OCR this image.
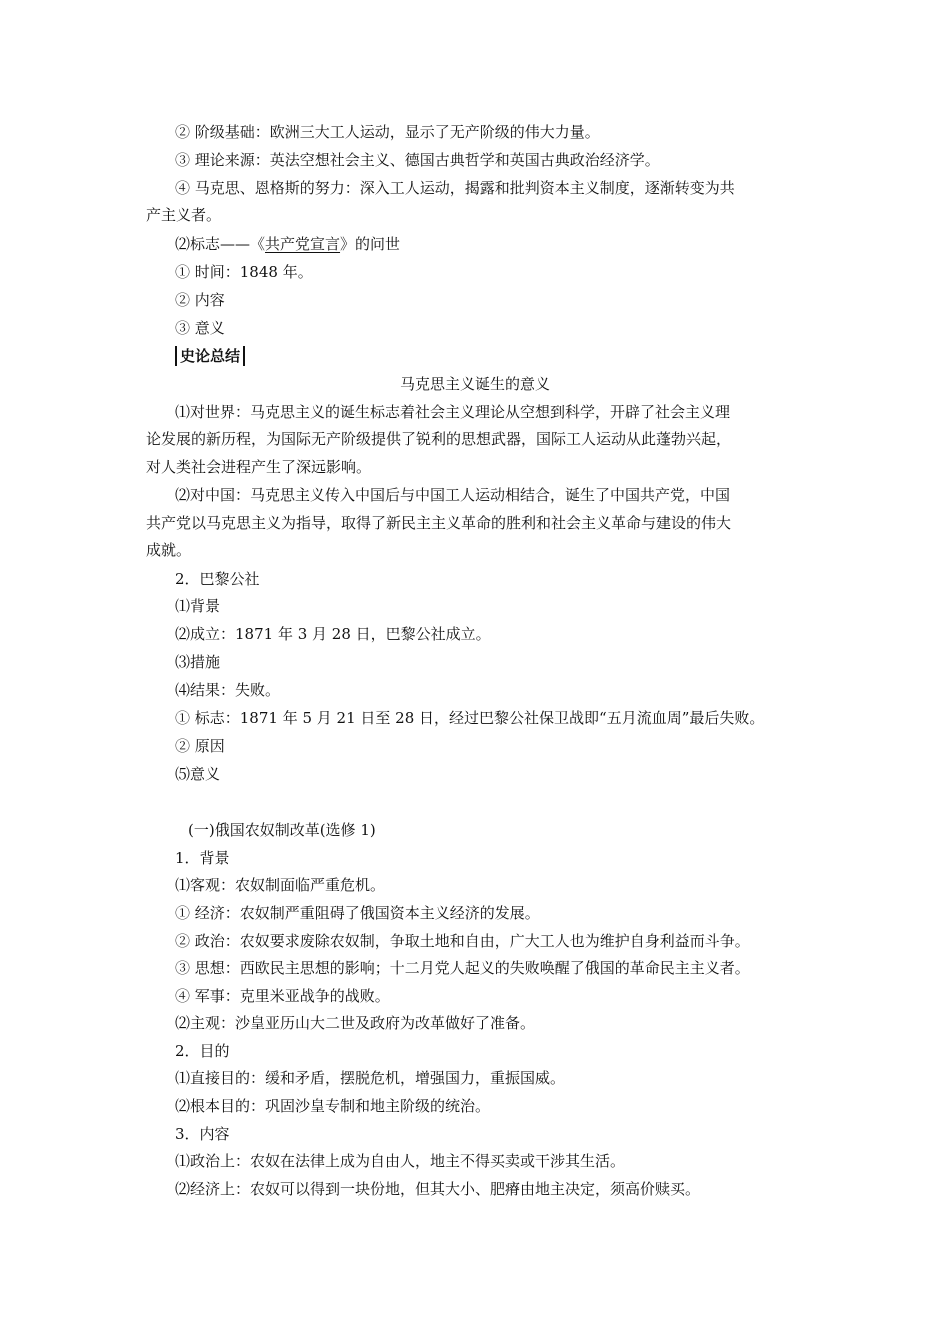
② 阶级基础：欧洲三大工人运动，显示了无产阶级的伟大力量。
③ 理论来源：英法空想社会主义、德国古典哲学和英国古典政治经济学。
④ 马克思、恩格斯的努力：深入工人运动，揭露和批判资本主义制度，逐渐转变为共
产主义者。
⑵标志——《共产党宣言》的问世
① 时间：1848 年。
② 内容
③ 意义
史论总结
马克思主义诞生的意义
⑴对世界：马克思主义的诞生标志着社会主义理论从空想到科学，开辟了社会主义理
论发展的新历程，为国际无产阶级提供了锐利的思想武器，国际工人运动从此蓬勃兴起，
对人类社会进程产生了深远影响。
⑵对中国：马克思主义传入中国后与中国工人运动相结合，诞生了中国共产党，中国
共产党以马克思主义为指导，取得了新民主主义革命的胜利和社会主义革命与建设的伟大
成就。
2．巴黎公社
⑴背景
⑵成立：1871 年 3 月 28 日，巴黎公社成立。
⑶措施
⑷结果：失败。
① 标志：1871 年 5 月 21 日至 28 日，经过巴黎公社保卫战即“五月流血周”最后失败。
② 原因
⑸意义
(一)俄国农奴制改革(选修 1)
1．背景
⑴客观：农奴制面临严重危机。
① 经济：农奴制严重阻碍了俄国资本主义经济的发展。
② 政治：农奴要求废除农奴制，争取土地和自由，广大工人也为维护自身利益而斗争。
③ 思想：西欧民主思想的影响；十二月党人起义的失败唤醒了俄国的革命民主主义者。
④ 军事：克里米亚战争的战败。
⑵主观：沙皇亚历山大二世及政府为改革做好了准备。
2．目的
⑴直接目的：缓和矛盾，摆脱危机，增强国力，重振国威。
⑵根本目的：巩固沙皇专制和地主阶级的统治。
3．内容
⑴政治上：农奴在法律上成为自由人，地主不得买卖或干涉其生活。
⑵经济上：农奴可以得到一块份地，但其大小、肥瘠由地主决定，须高价赎买。
